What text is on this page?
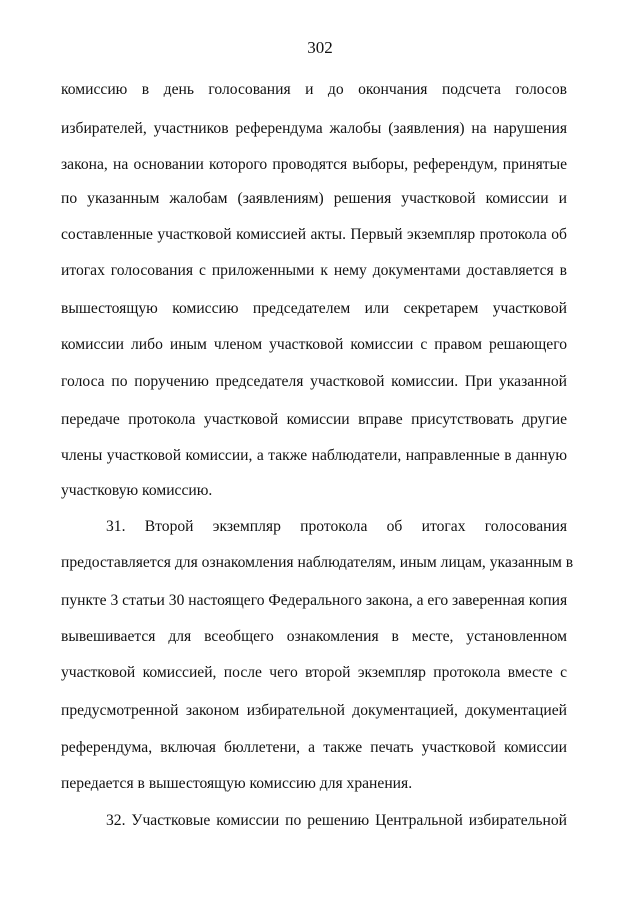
302
комиссию в день голосования и до окончания подсчета голосов
избирателей, участников референдума жалобы (заявления) на нарушения
закона, на основании которого проводятся выборы, референдум, принятые
по указанным жалобам (заявлениям) решения участковой комиссии и
составленные участковой комиссией акты. Первый экземпляр протокола об
итогах голосования с приложенными к нему документами доставляется в
вышестоящую комиссию председателем или секретарем участковой
комиссии либо иным членом участковой комиссии с правом решающего
голоса по поручению председателя участковой комиссии. При указанной
передаче протокола участковой комиссии вправе присутствовать другие
члены участковой комиссии, а также наблюдатели, направленные в данную
участковую комиссию.
31. Второй экземпляр протокола об итогах голосования
предоставляется для ознакомления наблюдателям, иным лицам, указанным в
пункте 3 статьи 30 настоящего Федерального закона, а его заверенная копия
вывешивается для всеобщего ознакомления в месте, установленном
участковой комиссией, после чего второй экземпляр протокола вместе с
предусмотренной законом избирательной документацией, документацией
референдума, включая бюллетени, а также печать участковой комиссии
передается в вышестоящую комиссию для хранения.
32. Участковые комиссии по решению Центральной избирательной
